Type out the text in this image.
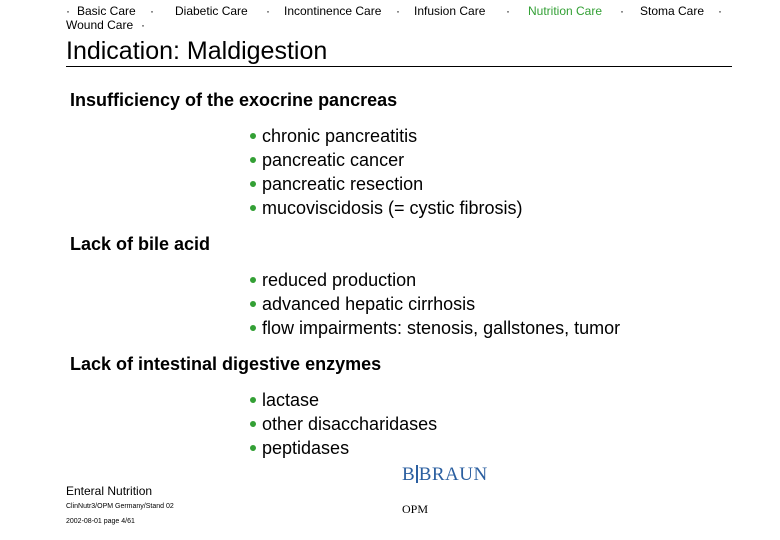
· Basic Care · Diabetic Care · Incontinence Care · Infusion Care · Nutrition Care · Stoma Care ·
Wound Care ·
Indication: Maldigestion
Insufficiency of the exocrine pancreas
chronic pancreatitis
pancreatic cancer
pancreatic resection
mucoviscidosis (= cystic fibrosis)
Lack of bile acid
reduced production
advanced hepatic cirrhosis
flow impairments: stenosis, gallstones, tumor
Lack of intestinal digestive enzymes
lactase
other disaccharidases
peptidases
Enteral Nutrition
ClinNutr3/OPM Germany/Stand 02
2002-08-01 page 4/61
B BRAUN
OPM
